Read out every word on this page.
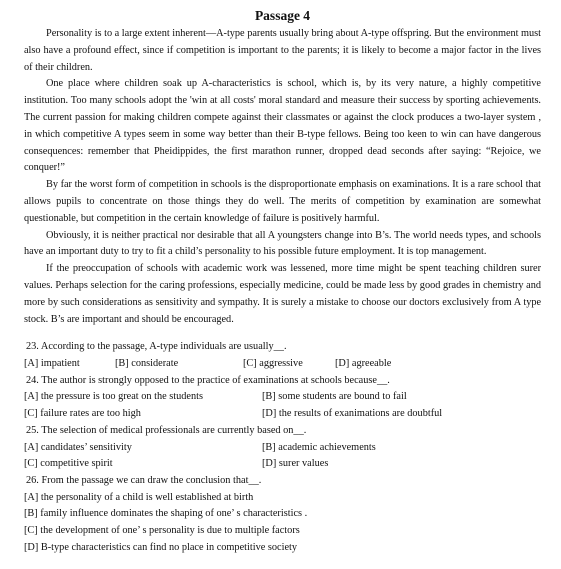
Passage 4

Personality is to a large extent inherent—A-type parents usually bring about A-type offspring. But the environment must also have a profound effect, since if competition is important to the parents; it is likely to become a major factor in the lives of their children.

One place where children soak up A-characteristics is school, which is, by its very nature, a highly competitive institution. Too many schools adopt the 'win at all costs' moral standard and measure their success by sporting achievements. The current passion for making children compete against their classmates or against the clock produces a two-layer system , in which competitive A types seem in some way better than their B-type fellows. Being too keen to win can have dangerous consequences: remember that Pheidippides, the first marathon runner, dropped dead seconds after saying: “Rejoice, we conquer!”

By far the worst form of competition in schools is the disproportionate emphasis on examinations. It is a rare school that allows pupils to concentrate on those things they do well. The merits of competition by examination are somewhat questionable, but competition in the certain knowledge of failure is positively harmful.

Obviously, it is neither practical nor desirable that all A youngsters change into B’s. The world needs types, and schools have an important duty to try to fit a child’s personality to his possible future employment. It is top management.

If the preoccupation of schools with academic work was lessened, more time might be spent teaching children surer values. Perhaps selection for the caring professions, especially medicine, could be made less by good grades in chemistry and more by such considerations as sensitivity and sympathy. It is surely a mistake to choose our doctors exclusively from A type stock. B’s are important and should be encouraged.

23. According to the passage, A-type individuals are usually__.

[A] impatient	[B] considerate	[C] aggressive	[D] agreeable

24. The author is strongly opposed to the practice of examinations at schools because__.

[A] the pressure is too great on the students	[B] some students are bound to fail
[C] failure rates are too high	[D] the results of exanimations are doubtful

25. The selection of medical professionals are currently based on__.

[A] candidates’ sensitivity	[B] academic achievements
[C] competitive spirit	[D] surer values

26. From the passage we can draw the conclusion that__.

[A] the personality of a child is well established at birth

[B] family influence dominates the shaping of one’ s characteristics .

[C] the development of one’ s personality is due to multiple factors

[D] B-type characteristics can find no place in competitive society
